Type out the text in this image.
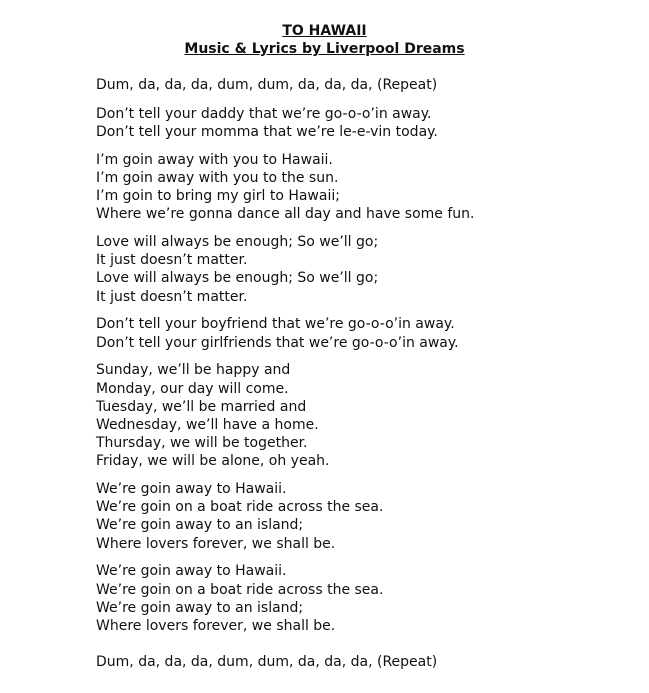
TO HAWAII
Music & Lyrics by Liverpool Dreams
Dum, da, da, da, dum, dum, da, da, da, (Repeat)
Don’t tell your daddy that we’re go-o-o’in away.
Don’t tell your momma that we’re le-e-vin today.
I’m goin away with you to Hawaii.
I’m goin away with you to the sun.
I’m goin to bring my girl to Hawaii;
Where we’re gonna dance all day and have some fun.
Love will always be enough; So we’ll go;
It just doesn’t matter.
Love will always be enough; So we’ll go;
It just doesn’t matter.
Don’t tell your boyfriend that we’re go-o-o’in away.
Don’t tell your girlfriends that we’re go-o-o’in away.
Sunday, we’ll be happy and
Monday, our day will come.
Tuesday, we’ll be married and
Wednesday, we’ll have a home.
Thursday, we will be together.
Friday, we will be alone, oh yeah.
We’re goin away to Hawaii.
We’re goin on a boat ride across the sea.
We’re goin away to an island;
Where lovers forever, we shall be.
We’re goin away to Hawaii.
We’re goin on a boat ride across the sea.
We’re goin away to an island;
Where lovers forever, we shall be.
Dum, da, da, da, dum, dum, da, da, da, (Repeat)
